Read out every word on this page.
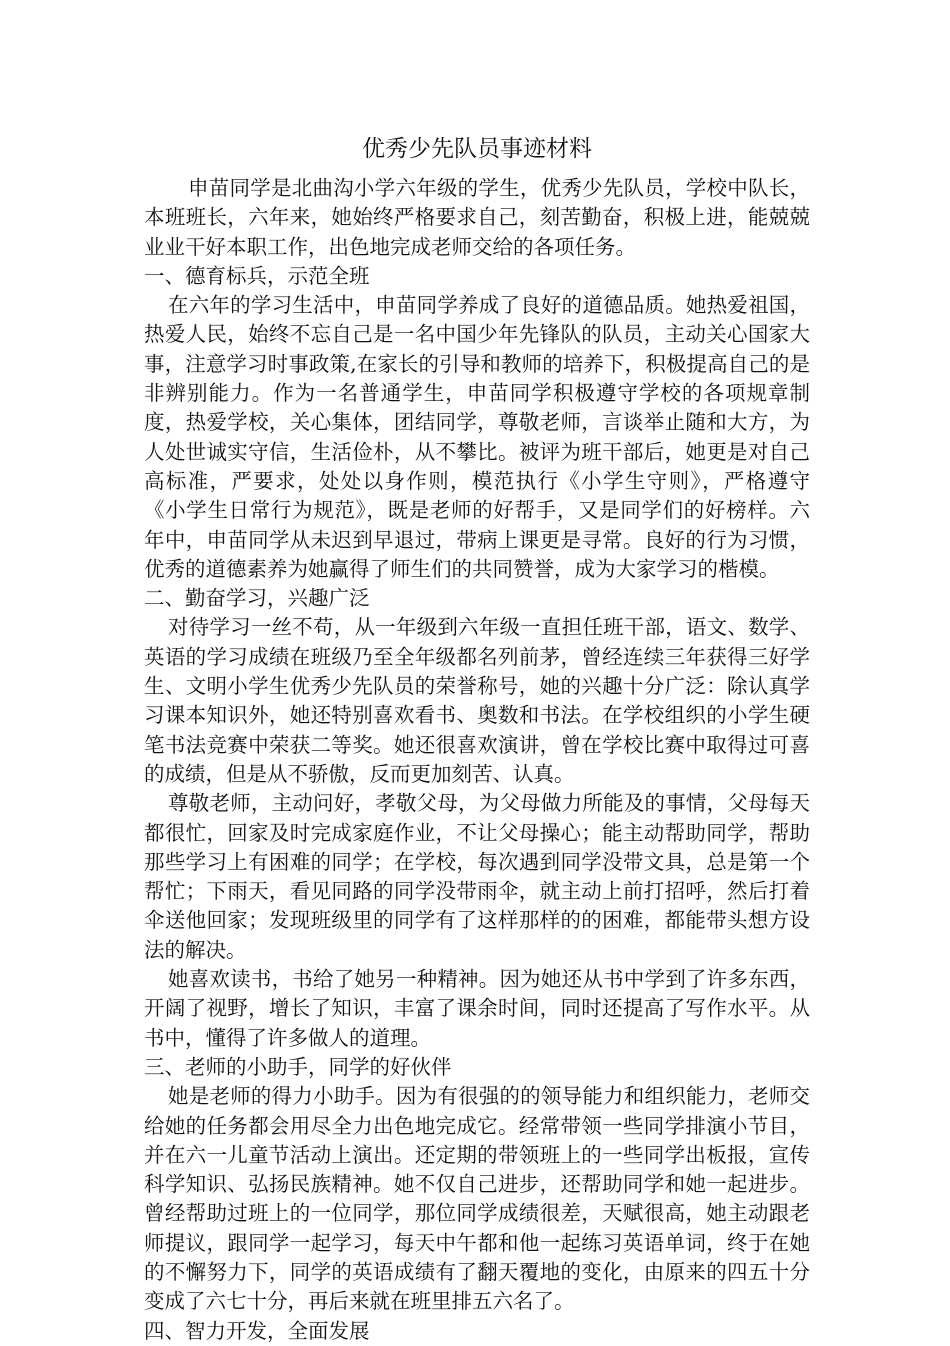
优秀少先队员事迹材料

申苗同学是北曲沟小学六年级的学生，优秀少先队员，学校中队长，本班班长，六年来，她始终严格要求自己，刻苦勤奋，积极上进，能兢兢业业干好本职工作，出色地完成老师交给的各项任务。

一、德育标兵，示范全班

在六年的学习生活中，申苗同学养成了良好的道德品质。她热爱祖国，热爱人民，始终不忘自己是一名中国少年先锋队的队员，主动关心国家大事，注意学习时事政策,在家长的引导和教师的培养下，积极提高自己的是非辨别能力。作为一名普通学生，申苗同学积极遵守学校的各项规章制度，热爱学校，关心集体，团结同学，尊敬老师，言谈举止随和大方，为人处世诚实守信，生活俭朴，从不攀比。被评为班干部后，她更是对自己高标准，严要求，处处以身作则，模范执行《小学生守则》，严格遵守《小学生日常行为规范》，既是老师的好帮手，又是同学们的好榜样。六年中，申苗同学从未迟到早退过，带病上课更是寻常。良好的行为习惯，优秀的道德素养为她赢得了师生们的共同赞誉，成为大家学习的楷模。

二、勤奋学习，兴趣广泛

对待学习一丝不苟，从一年级到六年级一直担任班干部，语文、数学、英语的学习成绩在班级乃至全年级都名列前茅，曾经连续三年获得三好学生、文明小学生优秀少先队员的荣誉称号，她的兴趣十分广泛：除认真学习课本知识外，她还特别喜欢看书、奥数和书法。在学校组织的小学生硬笔书法竞赛中荣获二等奖。她还很喜欢演讲，曾在学校比赛中取得过可喜的成绩，但是从不骄傲，反而更加刻苦、认真。

尊敬老师，主动问好，孝敬父母，为父母做力所能及的事情，父母每天都很忙，回家及时完成家庭作业，不让父母操心；能主动帮助同学，帮助那些学习上有困难的同学；在学校，每次遇到同学没带文具，总是第一个帮忙；下雨天，看见同路的同学没带雨伞，就主动上前打招呼，然后打着伞送他回家；发现班级里的同学有了这样那样的的困难，都能带头想方设法的解决。

她喜欢读书，书给了她另一种精神。因为她还从书中学到了许多东西，开阔了视野，增长了知识，丰富了课余时间，同时还提高了写作水平。从书中，懂得了许多做人的道理。

三、老师的小助手，同学的好伙伴

她是老师的得力小助手。因为有很强的的领导能力和组织能力，老师交给她的任务都会用尽全力出色地完成它。经常带领一些同学排演小节目，并在六一儿童节活动上演出。还定期的带领班上的一些同学出板报，宣传科学知识、弘扬民族精神。她不仅自己进步，还帮助同学和她一起进步。曾经帮助过班上的一位同学，那位同学成绩很差，天赋很高，她主动跟老师提议，跟同学一起学习，每天中午都和他一起练习英语单词，终于在她的不懈努力下，同学的英语成绩有了翻天覆地的变化，由原来的四五十分变成了六七十分，再后来就在班里排五六名了。

四、智力开发，全面发展
